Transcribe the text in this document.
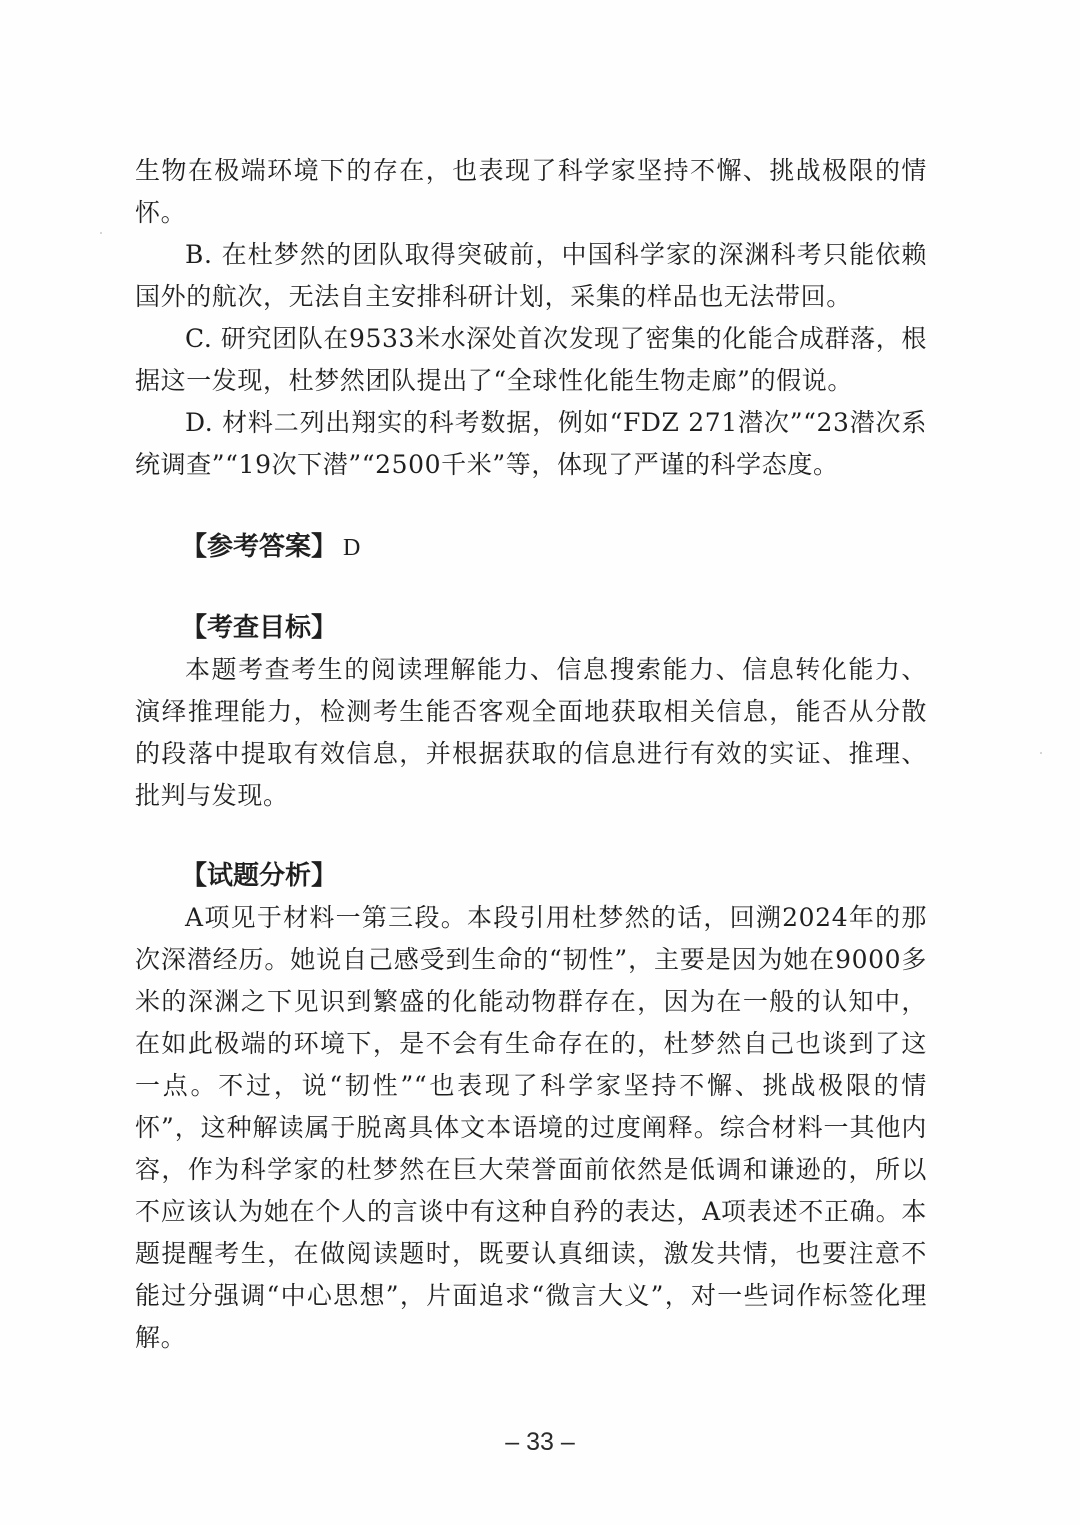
生物在极端环境下的存在，也表现了科学家坚持不懈、挑战极限的情怀。

B. 在杜梦然的团队取得突破前，中国科学家的深渊科考只能依赖国外的航次，无法自主安排科研计划，采集的样品也无法带回。

C. 研究团队在9533米水深处首次发现了密集的化能合成群落，根据这一发现，杜梦然团队提出了“全球性化能生物走廊”的假说。

D. 材料二列出翔实的科考数据，例如“FDZ 271潜次”“23潜次系统调查”“19次下潜”“2500千米”等，体现了严谨的科学态度。

【参考答案】 D

【考查目标】

本题考查考生的阅读理解能力、信息搜索能力、信息转化能力、演绎推理能力，检测考生能否客观全面地获取相关信息，能否从分散的段落中提取有效信息，并根据获取的信息进行有效的实证、推理、批判与发现。

【试题分析】

A项见于材料一第三段。本段引用杜梦然的话，回溯2024年的那次深潜经历。她说自己感受到生命的“韧性”，主要是因为她在9000多米的深渊之下见识到繁盛的化能动物群存在，因为在一般的认知中，在如此极端的环境下，是不会有生命存在的，杜梦然自己也谈到了这一点。不过，说“韧性”“也表现了科学家坚持不懈、挑战极限的情怀”，这种解读属于脱离具体文本语境的过度阐释。综合材料一其他内容，作为科学家的杜梦然在巨大荣誉面前依然是低调和谦逊的，所以不应该认为她在个人的言谈中有这种自矜的表达，A项表述不正确。本题提醒考生，在做阅读题时，既要认真细读，激发共情，也要注意不能过分强调“中心思想”，片面追求“微言大义”，对一些词作标签化理解。

– 33 –
